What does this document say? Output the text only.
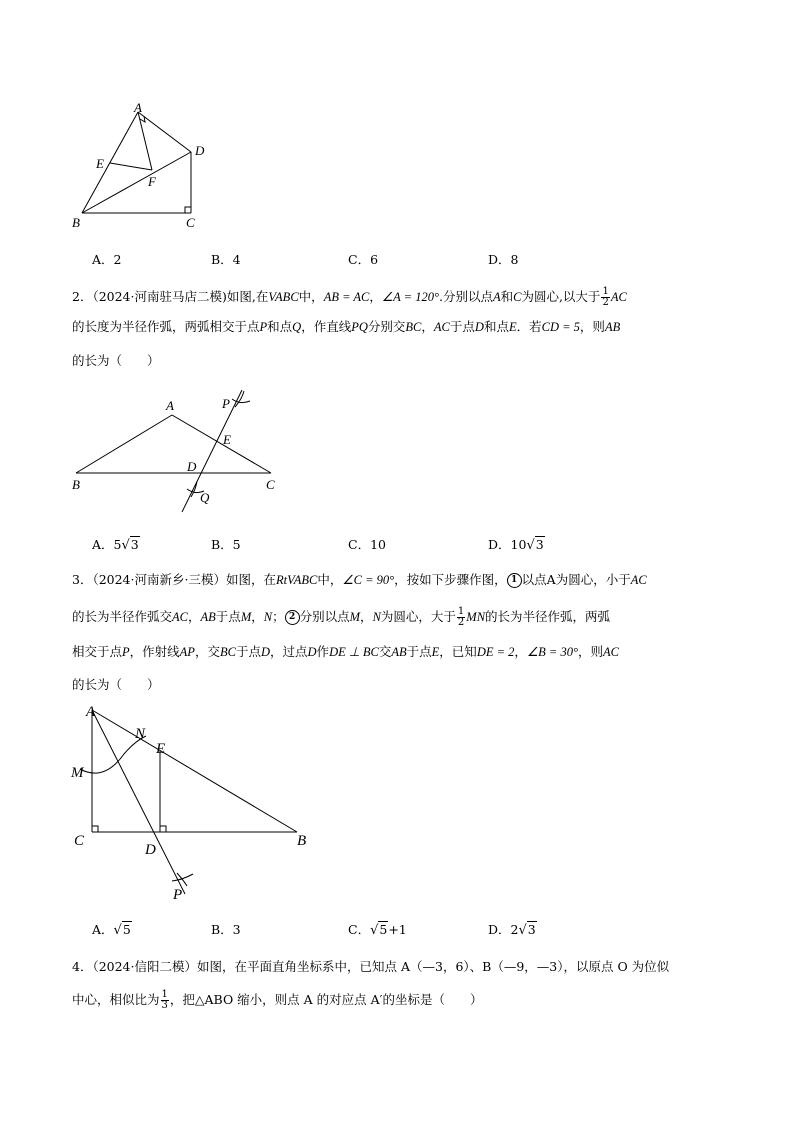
A
D
E
F
B	C
A．2	B．4	C．6	D．8
2．（2024·河南驻马店二模)如图,在VABC中，AB = AC，∠A = 120°.分别以点A和C为圆心,以大于 $\frac{1}{2}$ AC
的长度为半径作弧，两弧相交于点P和点Q，作直线PQ分别交BC，AC于点D和点E．若CD = 5，则AB
的长为（　　）
A	P
E
D
B	C
Q
A．5√3	B．5	C．10	D．10√3
3．（2024·河南新乡·三模）如图，在RtVABC中，∠C = 90°，按如下步骤作图， 1 以点A为圆心，小于AC
的长为半径作弧交AC，AB于点M，N； 2 分别以点M，N为圆心，大于 $\frac{1}{2}$ MN的长为半径作弧，两弧
相交于点P，作射线AP，交BC于点D，过点D作DE ⊥ BC交AB于点E，已知DE = 2，∠B = 30°，则AC
的长为（　　）
A
N
E
M
C
D
B
P
A．√5	B．3	C．√5+1	D．2√3
4．（2024·信阳二模）如图，在平面直角坐标系中，已知点 A（—3，6）、B（—9，—3），以原点 O 为位似
中心，相似比为 $\frac{1}{3}$ ，把△ABO 缩小，则点 A 的对应点 A′的坐标是（　　）
